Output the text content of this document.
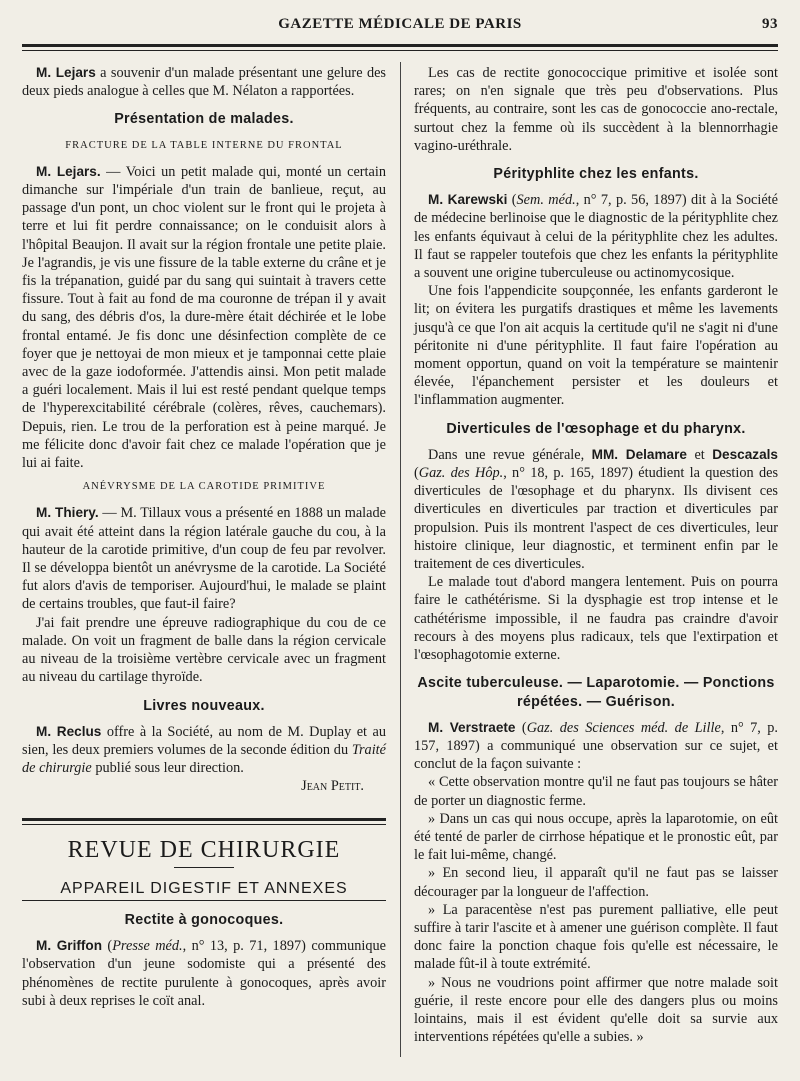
GAZETTE MÉDICALE DE PARIS	93

M. Lejars a souvenir d'un malade présentant une gelure des deux pieds analogue à celles que M. Nélaton a rapportées.

Présentation de malades.
FRACTURE DE LA TABLE INTERNE DU FRONTAL

M. Lejars. — Voici un petit malade qui, monté un certain dimanche sur l'impériale d'un train de banlieue, reçut, au passage d'un pont, un choc violent sur le front qui le projeta à terre et lui fit perdre connaissance; on le conduisit alors à l'hôpital Beaujon. Il avait sur la région frontale une petite plaie. Je l'agrandis, je vis une fissure de la table externe du crâne et je fis la trépanation, guidé par du sang qui suintait à travers cette fissure. Tout à fait au fond de ma couronne de trépan il y avait du sang, des débris d'os, la dure-mère était déchirée et le lobe frontal entamé. Je fis donc une désinfection complète de ce foyer que je nettoyai de mon mieux et je tamponnai cette plaie avec de la gaze iodoformée. J'attendis ainsi. Mon petit malade a guéri localement. Mais il lui est resté pendant quelque temps de l'hyperexcitabilité cérébrale (colères, rêves, cauchemars). Depuis, rien. Le trou de la perforation est à peine marqué. Je me félicite donc d'avoir fait chez ce malade l'opération que je lui ai faite.

ANÉVRYSME DE LA CAROTIDE PRIMITIVE

M. Thiery. — M. Tillaux vous a présenté en 1888 un malade qui avait été atteint dans la région latérale gauche du cou, à la hauteur de la carotide primitive, d'un coup de feu par revolver. Il se développa bientôt un anévrysme de la carotide. La Société fut alors d'avis de temporiser. Aujourd'hui, le malade se plaint de certains troubles, que faut-il faire?

J'ai fait prendre une épreuve radiographique du cou de ce malade. On voit un fragment de balle dans la région cervicale au niveau de la troisième vertèbre cervicale avec un fragment au niveau du cartilage thyroïde.

Livres nouveaux.

M. Reclus offre à la Société, au nom de M. Duplay et au sien, les deux premiers volumes de la seconde édition du Traité de chirurgie publié sous leur direction.

Jean Petit.

REVUE DE CHIRURGIE
APPAREIL DIGESTIF ET ANNEXES
Rectite à gonocoques.

M. Griffon (Presse méd., n° 13, p. 71, 1897) communique l'observation d'un jeune sodomiste qui a présenté des phénomènes de rectite purulente à gonocoques, après avoir subi à deux reprises le coït anal.

Les cas de rectite gonococcique primitive et isolée sont rares; on n'en signale que très peu d'observations. Plus fréquents, au contraire, sont les cas de gonococcie ano-rectale, surtout chez la femme où ils succèdent à la blennorrhagie vagino-uréthrale.

Pérityphlite chez les enfants.

M. Karewski (Sem. méd., n° 7, p. 56, 1897) dit à la Société de médecine berlinoise que le diagnostic de la pérityphlite chez les enfants équivaut à celui de la pérityphlite chez les adultes. Il faut se rappeler toutefois que chez les enfants la pérityphlite a souvent une origine tuberculeuse ou actinomycosique.

Une fois l'appendicite soupçonnée, les enfants garderont le lit; on évitera les purgatifs drastiques et même les lavements jusqu'à ce que l'on ait acquis la certitude qu'il ne s'agit ni d'une péritonite ni d'une pérityphlite. Il faut faire l'opération au moment opportun, quand on voit la température se maintenir élevée, l'épanchement persister et les douleurs et l'inflammation augmenter.

Diverticules de l'œsophage et du pharynx.

Dans une revue générale, MM. Delamare et Descazals (Gaz. des Hôp., n° 18, p. 165, 1897) étudient la question des diverticules de l'œsophage et du pharynx. Ils divisent ces diverticules en diverticules par traction et diverticules par propulsion. Puis ils montrent l'aspect de ces diverticules, leur histoire clinique, leur diagnostic, et terminent enfin par le traitement de ces diverticules.

Le malade tout d'abord mangera lentement. Puis on pourra faire le cathétérisme. Si la dysphagie est trop intense et le cathétérisme impossible, il ne faudra pas craindre d'avoir recours à des moyens plus radicaux, tels que l'extirpation et l'œsophagotomie externe.

Ascite tuberculeuse. — Laparotomie. — Ponctions répétées. — Guérison.

M. Verstraete (Gaz. des Sciences méd. de Lille, n° 7, p. 157, 1897) a communiqué une observation sur ce sujet, et conclut de la façon suivante :

« Cette observation montre qu'il ne faut pas toujours se hâter de porter un diagnostic ferme.

» Dans un cas qui nous occupe, après la laparotomie, on eût été tenté de parler de cirrhose hépatique et le pronostic eût, par le fait lui-même, changé.

» En second lieu, il apparaît qu'il ne faut pas se laisser décourager par la longueur de l'affection.

» La paracentèse n'est pas purement palliative, elle peut suffire à tarir l'ascite et à amener une guérison complète. Il faut donc faire la ponction chaque fois qu'elle est nécessaire, le malade fût-il à toute extrémité.

» Nous ne voudrions point affirmer que notre malade soit guérie, il reste encore pour elle des dangers plus ou moins lointains, mais il est évident qu'elle doit sa survie aux interventions répétées qu'elle a subies. »
